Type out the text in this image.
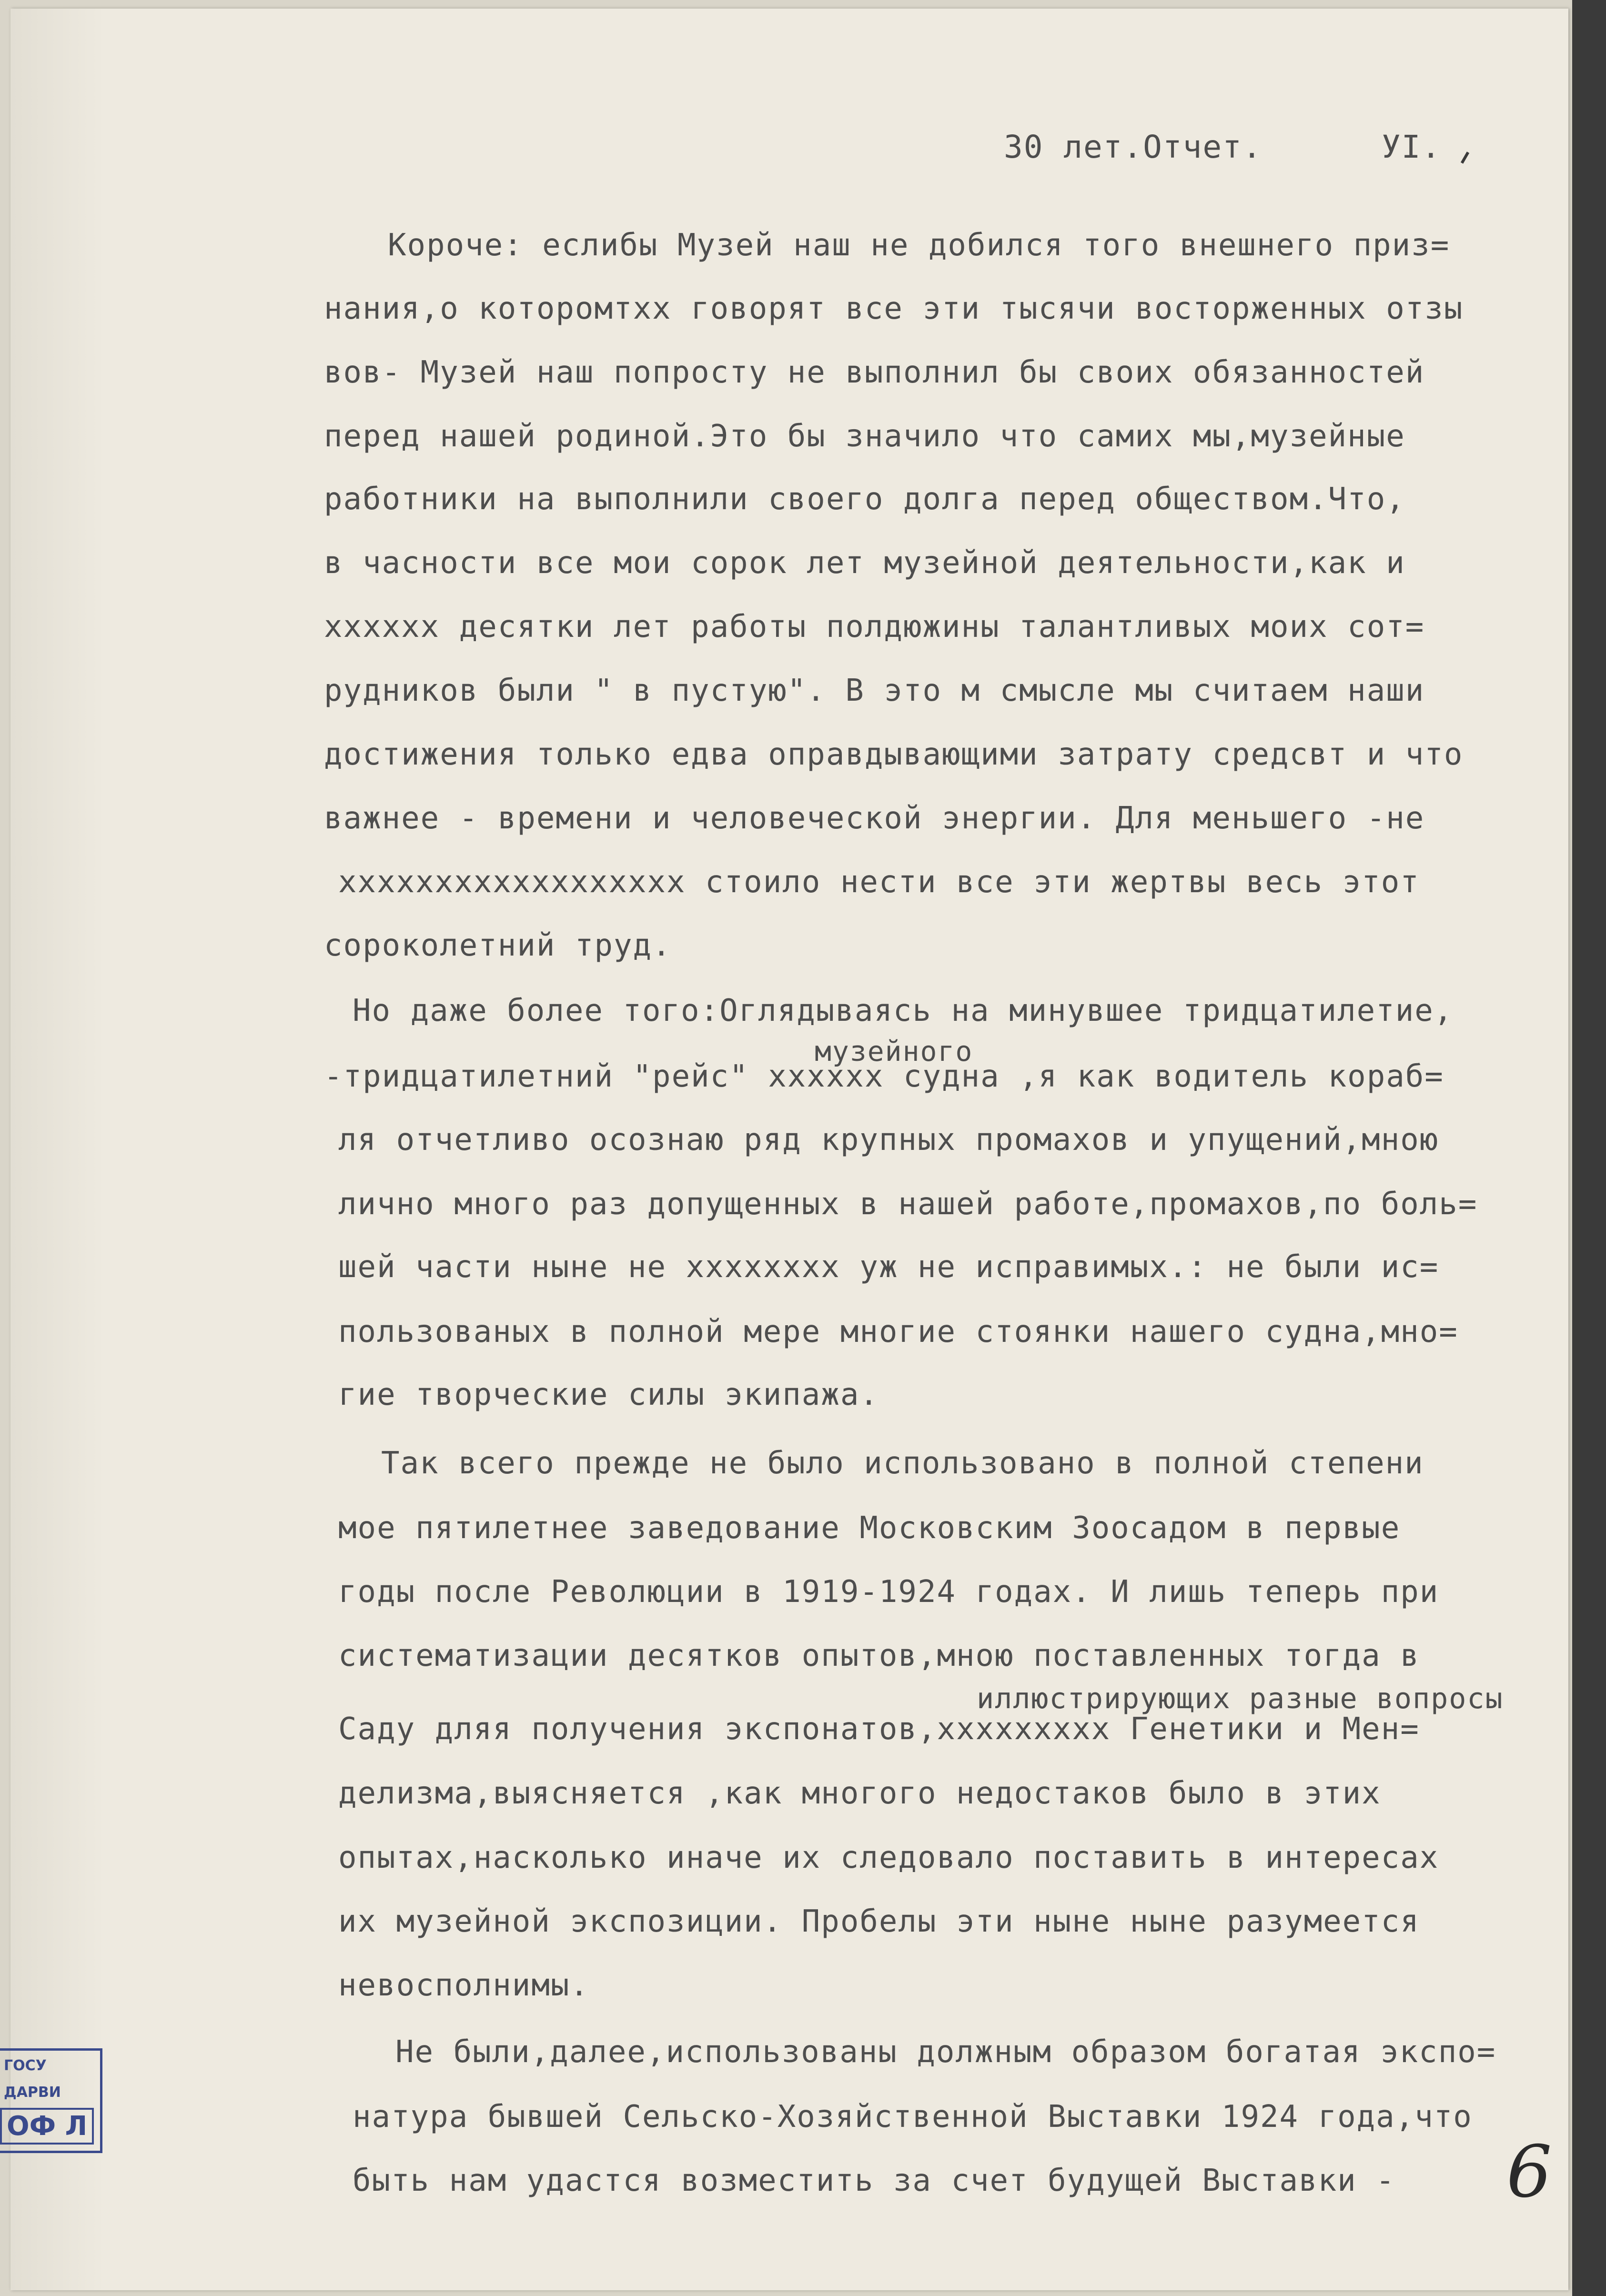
30 лет.Отчет.      УI.
Короче: еслибы Музей наш не добился того внешнего приз=
нания,о которомтхх говорят все эти тысячи восторженных отзы
вов- Музей наш попросту не выполнил бы своих обязанностей
перед нашей родиной.Это бы значило что самих мы,музейные
работники на выполнили своего долга перед обществом.Что,
в часности все мои сорок лет музейной деятельности,как и
хххххх десятки лет работы полдюжины талантливых моих сот=
рудников были " в пустую". В это м смысле мы считаем наши
достижения только едва оправдывающими затрату средсвт и что
важнее - времени и человеческой энергии. Для меньшего -не
хххххххххххххххххх стоило нести все эти жертвы весь этот
сороколетний труд.
Но даже более того:Оглядываясь на минувшее тридцатилетие,
музейного
-тридцатилетний "рейс" хххххх судна ,я как водитель кораб=
ля отчетливо осознаю ряд крупных промахов и упущений,мною
лично много раз допущенных в нашей работе,промахов,по боль=
шей части ныне не хххххххх уж не исправимых.: не были ис=
пользованых в полной мере многие стоянки нашего судна,мно=
гие творческие силы экипажа.
Так всего прежде не было использовано в полной степени
мое пятилетнее заведование Московским Зоосадом в первые
годы после Революции в 1919-1924 годах. И лишь теперь при
систематизации десятков опытов,мною поставленных тогда в
иллюстрирующих разные вопросы
Саду дляя получения экспонатов,ххххххххх Генетики и Мен=
делизма,выясняется ,как многого недостаков было в этих
опытах,насколько иначе их следовало поставить в интересах
их музейной экспозиции. Пробелы эти ныне ныне разумеется
невосполнимы.
Не были,далее,использованы должным образом богатая экспо=
натура бывшей Сельско-Хозяйственной Выставки 1924 года,что
быть нам удастся возместить за счет будущей Выставки - 6
ГОСУ
ДАРВИ
ОФ Л
